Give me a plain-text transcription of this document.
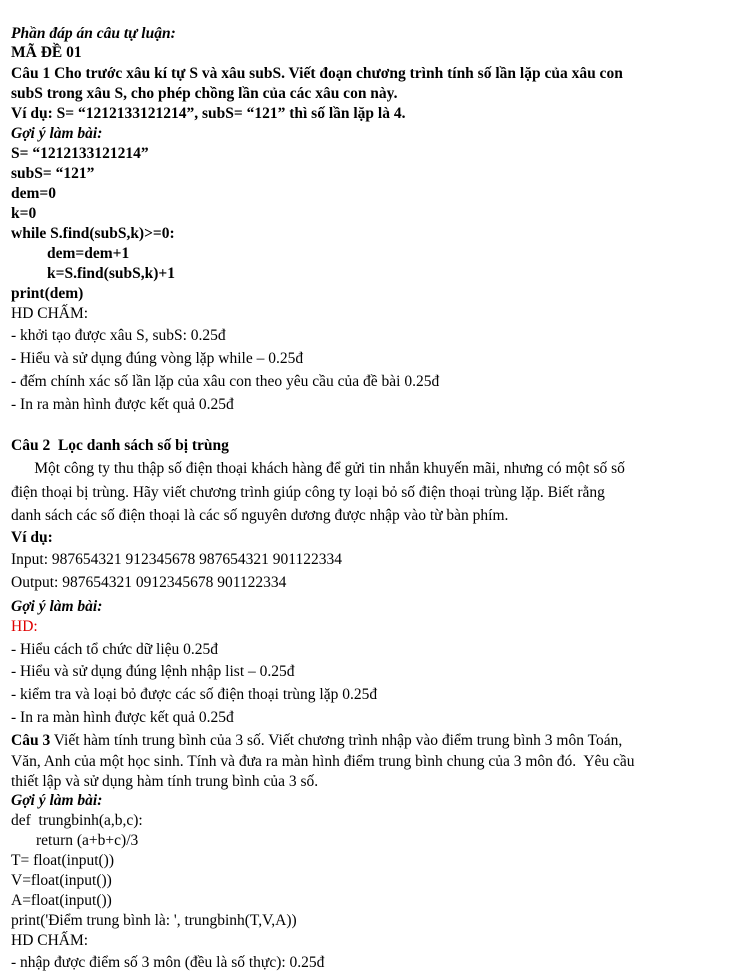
Phần đáp án câu tự luận:
MÃ ĐỀ 01
Câu 1 Cho trước xâu kí tự S và xâu subS. Viết đoạn chương trình tính số lần lặp của xâu con
subS trong xâu S, cho phép chồng lần của các xâu con này.
Ví dụ: S= “1212133121214”, subS= “121” thì số lần lặp là 4.
Gợi ý làm bài:
S= “1212133121214”
subS= “121”
dem=0
k=0
while S.find(subS,k)>=0:
dem=dem+1
k=S.find(subS,k)+1
print(dem)
HD CHẤM:
- khởi tạo được xâu S, subS: 0.25đ
- Hiểu và sử dụng đúng vòng lặp while – 0.25đ
- đếm chính xác số lần lặp của xâu con theo yêu cầu của đề bài 0.25đ
- In ra màn hình được kết quả 0.25đ
Câu 2  Lọc danh sách số bị trùng
Một công ty thu thập số điện thoại khách hàng để gửi tin nhắn khuyến mãi, nhưng có một số số
điện thoại bị trùng. Hãy viết chương trình giúp công ty loại bỏ số điện thoại trùng lặp. Biết rằng
danh sách các số điện thoại là các số nguyên dương được nhập vào từ bàn phím.
Ví dụ:
Input: 987654321 912345678 987654321 901122334
Output: 987654321 0912345678 901122334
Gợi ý làm bài:
HD:
- Hiểu cách tổ chức dữ liệu 0.25đ
- Hiểu và sử dụng đúng lệnh nhập list – 0.25đ
- kiểm tra và loại bỏ được các số điện thoại trùng lặp 0.25đ
- In ra màn hình được kết quả 0.25đ
Câu 3 Viết hàm tính trung bình của 3 số. Viết chương trình nhập vào điểm trung bình 3 môn Toán,
Văn, Anh của một học sinh. Tính và đưa ra màn hình điểm trung bình chung của 3 môn đó.  Yêu cầu
thiết lập và sử dụng hàm tính trung bình của 3 số.
Gợi ý làm bài:
def  trungbinh(a,b,c):
return (a+b+c)/3
T= float(input())
V=float(input())
A=float(input())
print('Điểm trung bình là: ', trungbinh(T,V,A))
HD CHẤM:
- nhập được điểm số 3 môn (đều là số thực): 0.25đ
